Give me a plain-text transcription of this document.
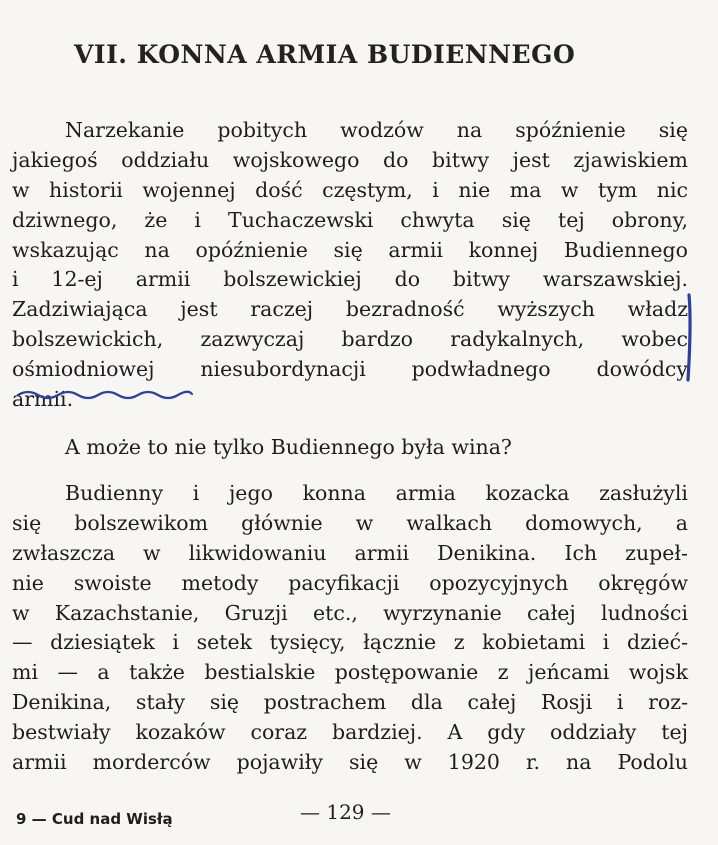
VII. KONNA ARMIA BUDIENNEGO
Narzekanie pobitych wodzów na spóźnienie się
jakiegoś oddziału wojskowego do bitwy jest zjawiskiem
w historii wojennej dość częstym, i nie ma w tym nic
dziwnego, że i Tuchaczewski chwyta się tej obrony,
wskazując na opóźnienie się armii konnej Budiennego
i 12-ej armii bolszewickiej do bitwy warszawskiej.
Zadziwiająca jest raczej bezradność wyższych władz
bolszewickich, zazwyczaj bardzo radykalnych, wobec
ośmiodniowej niesubordynacji podwładnego dowódcy
armii.
A może to nie tylko Budiennego była wina?
Budienny i jego konna armia kozacka zasłużyli
się bolszewikom głównie w walkach domowych, a
zwłaszcza w likwidowaniu armii Denikina. Ich zupeł-
nie swoiste metody pacyfikacji opozycyjnych okręgów
w Kazachstanie, Gruzji etc., wyrzynanie całej ludności
— dziesiątek i setek tysięcy, łącznie z kobietami i dzieć-
mi — a także bestialskie postępowanie z jeńcami wojsk
Denikina, stały się postrachem dla całej Rosji i roz-
bestwiały kozaków coraz bardziej. A gdy oddziały tej
armii morderców pojawiły się w 1920 r. na Podolu
9 — Cud nad Wisłą	— 129 —
